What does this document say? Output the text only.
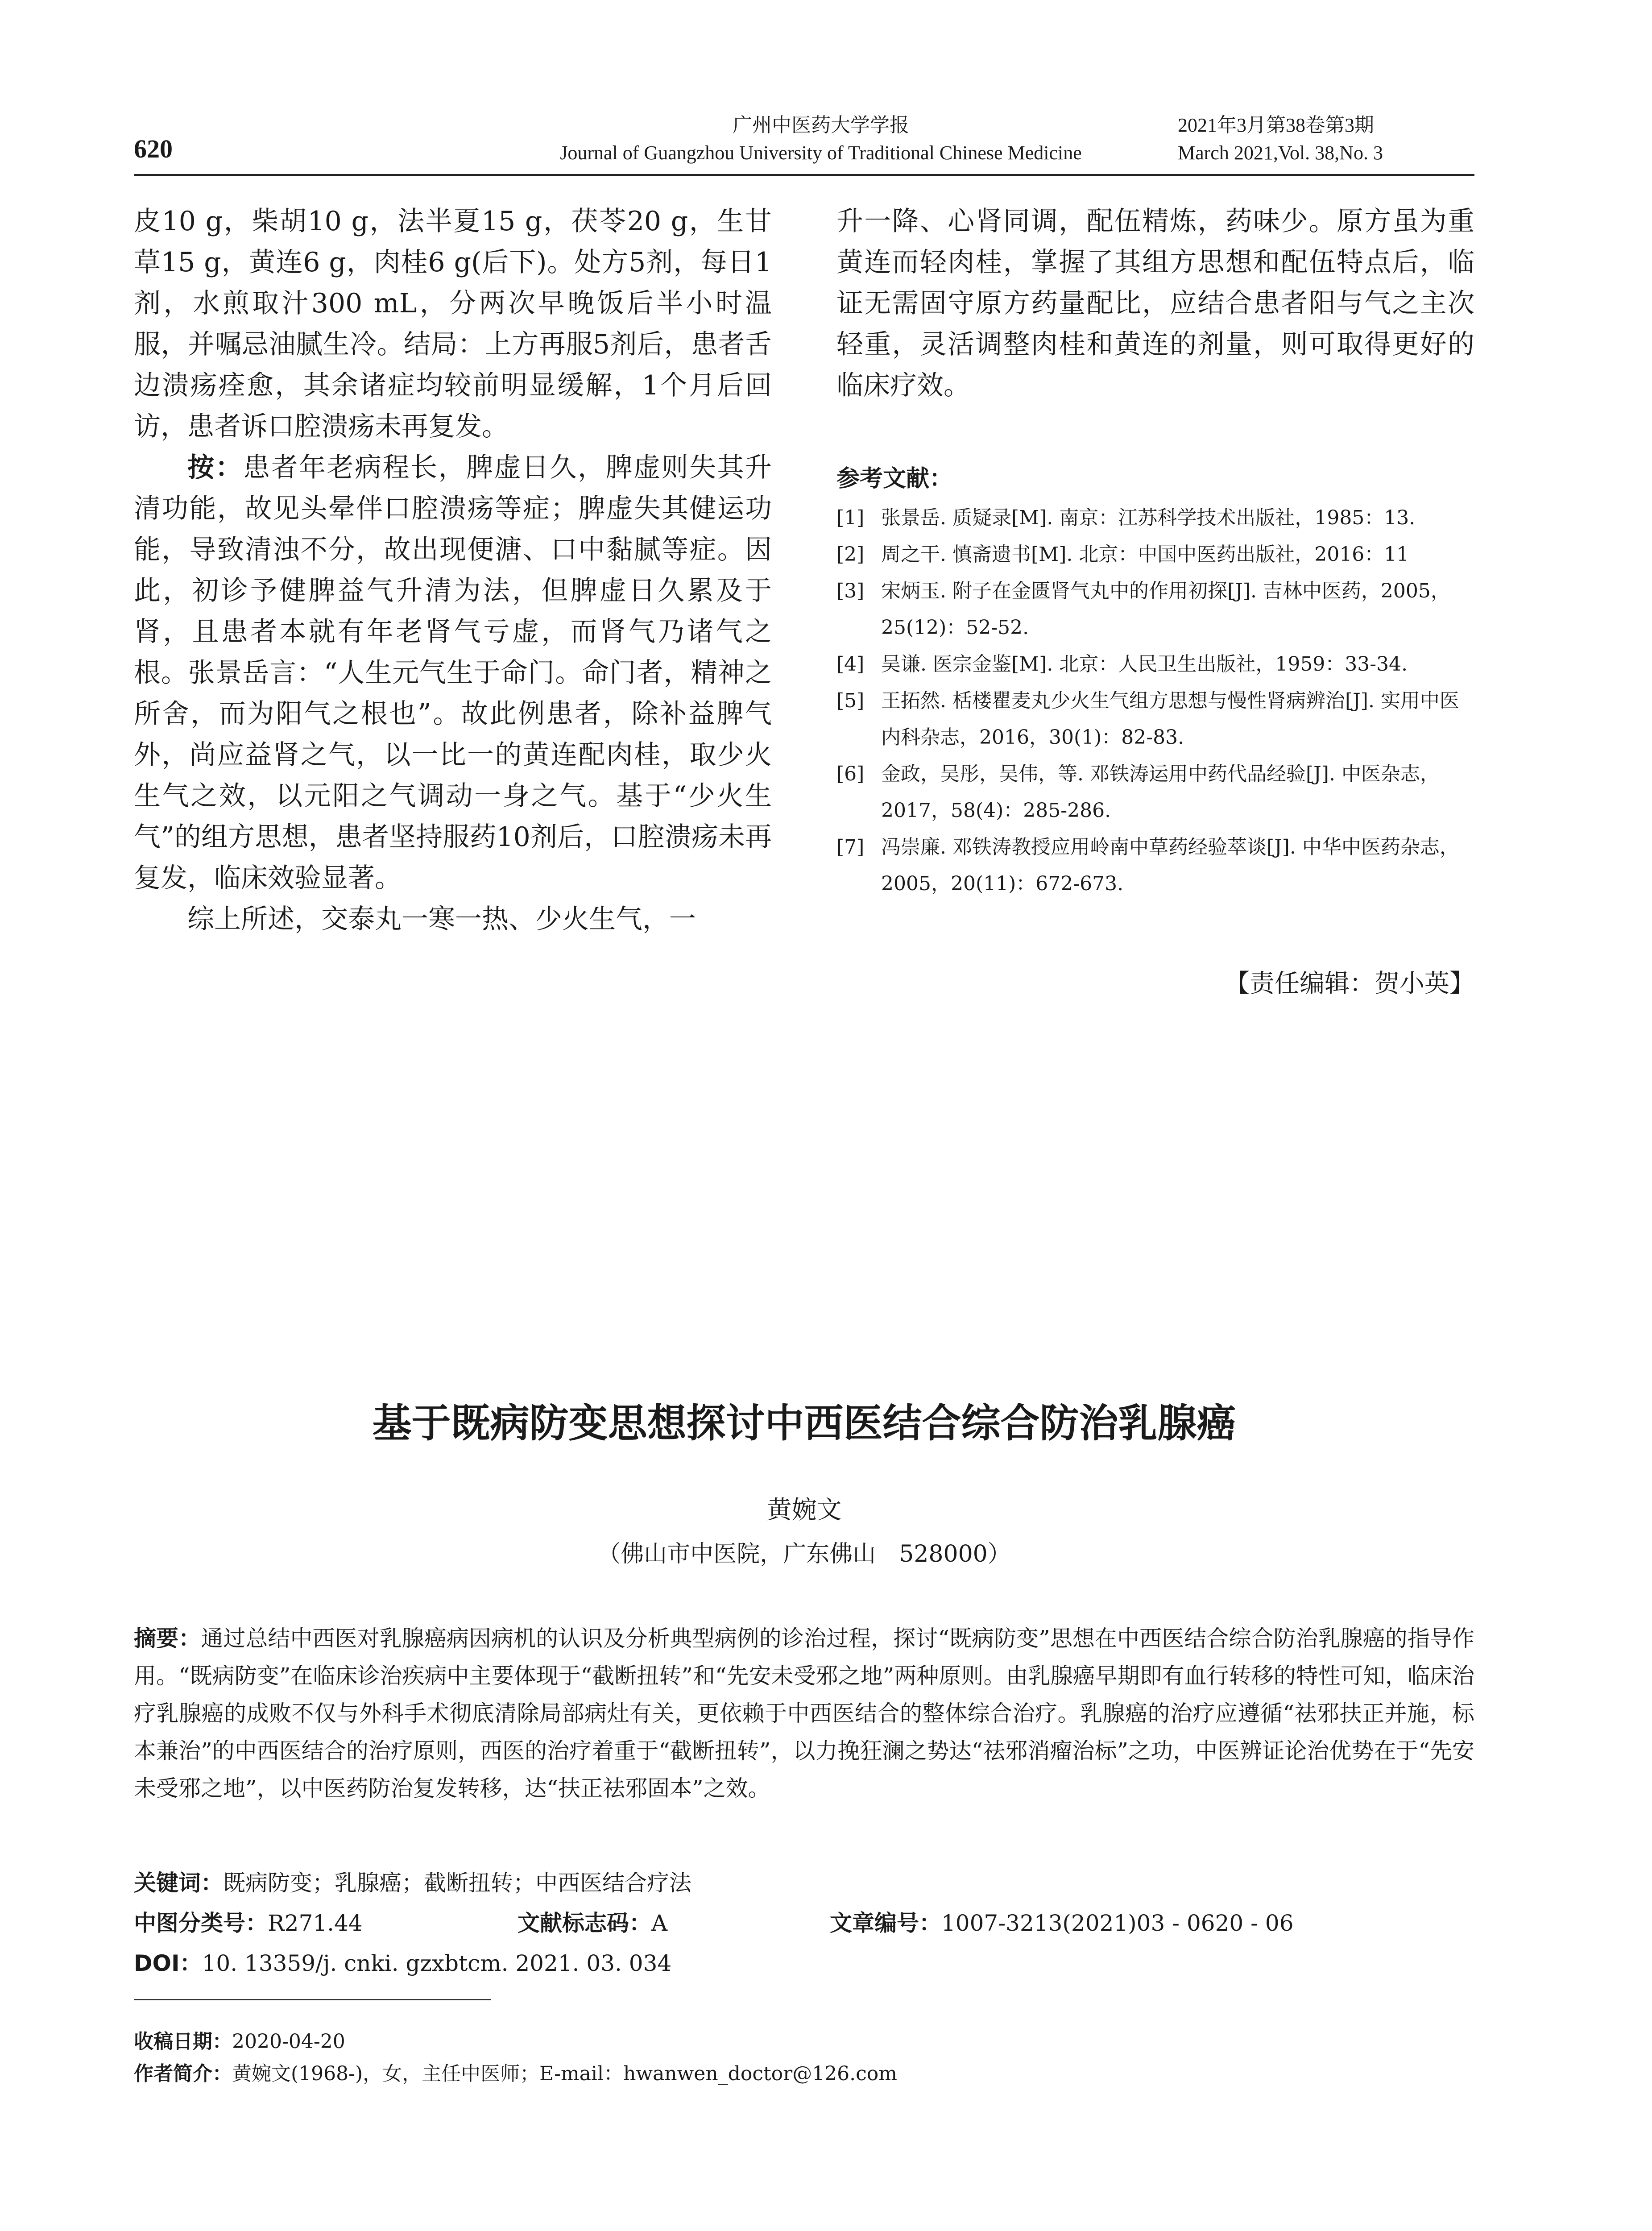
620
广州中医药大学学报
Journal of Guangzhou University of Traditional Chinese Medicine
2021年3月第38卷第3期
March 2021,Vol. 38,No. 3

皮10 g，柴胡10 g，法半夏15 g，茯苓20 g，生甘草15 g，黄连6 g，肉桂6 g(后下)。处方5剂，每日1剂，水煎取汁300 mL，分两次早晚饭后半小时温服，并嘱忌油腻生冷。结局：上方再服5剂后，患者舌边溃疡痊愈，其余诸症均较前明显缓解，1个月后回访，患者诉口腔溃疡未再复发。

按：患者年老病程长，脾虚日久，脾虚则失其升清功能，故见头晕伴口腔溃疡等症；脾虚失其健运功能，导致清浊不分，故出现便溏、口中黏腻等症。因此，初诊予健脾益气升清为法，但脾虚日久累及于肾，且患者本就有年老肾气亏虚，而肾气乃诸气之根。张景岳言：“人生元气生于命门。命门者，精神之所舍，而为阳气之根也”。故此例患者，除补益脾气外，尚应益肾之气，以一比一的黄连配肉桂，取少火生气之效，以元阳之气调动一身之气。基于“少火生气”的组方思想，患者坚持服药10剂后，口腔溃疡未再复发，临床效验显著。

综上所述，交泰丸一寒一热、少火生气，一

升一降、心肾同调，配伍精炼，药味少。原方虽为重黄连而轻肉桂，掌握了其组方思想和配伍特点后，临证无需固守原方药量配比，应结合患者阳与气之主次轻重，灵活调整肉桂和黄连的剂量，则可取得更好的临床疗效。

参考文献：
[1] 张景岳. 质疑录[M]. 南京：江苏科学技术出版社，1985：13.
[2] 周之干. 慎斋遗书[M]. 北京：中国中医药出版社，2016：11
[3] 宋炳玉. 附子在金匮肾气丸中的作用初探[J]. 吉林中医药，2005，25(12)：52-52.
[4] 吴谦. 医宗金鉴[M]. 北京：人民卫生出版社，1959：33-34.
[5] 王拓然. 栝楼瞿麦丸少火生气组方思想与慢性肾病辨治[J]. 实用中医内科杂志，2016，30(1)：82-83.
[6] 金政，吴彤，吴伟，等. 邓铁涛运用中药代品经验[J]. 中医杂志，2017，58(4)：285-286.
[7] 冯崇廉. 邓铁涛教授应用岭南中草药经验萃谈[J]. 中华中医药杂志，2005，20(11)：672-673.
【责任编辑：贺小英】
基于既病防变思想探讨中西医结合综合防治乳腺癌
黄婉文
（佛山市中医院，广东佛山　528000）
摘要：通过总结中西医对乳腺癌病因病机的认识及分析典型病例的诊治过程，探讨“既病防变”思想在中西医结合综合防治乳腺癌的指导作用。“既病防变”在临床诊治疾病中主要体现于“截断扭转”和“先安未受邪之地”两种原则。由乳腺癌早期即有血行转移的特性可知，临床治疗乳腺癌的成败不仅与外科手术彻底清除局部病灶有关，更依赖于中西医结合的整体综合治疗。乳腺癌的治疗应遵循“祛邪扶正并施，标本兼治”的中西医结合的治疗原则，西医的治疗着重于“截断扭转”，以力挽狂澜之势达“祛邪消瘤治标”之功，中医辨证论治优势在于“先安未受邪之地”，以中医药防治复发转移，达“扶正祛邪固本”之效。
关键词：既病防变；乳腺癌；截断扭转；中西医结合疗法
中图分类号：R271.44	文献标志码：A	文章编号：1007-3213(2021)03 - 0620 - 06
DOI：10. 13359/j. cnki. gzxbtcm. 2021. 03. 034
收稿日期：2020-04-20
作者简介：黄婉文(1968-)，女，主任中医师；E-mail：hwanwen_doctor@126.com
